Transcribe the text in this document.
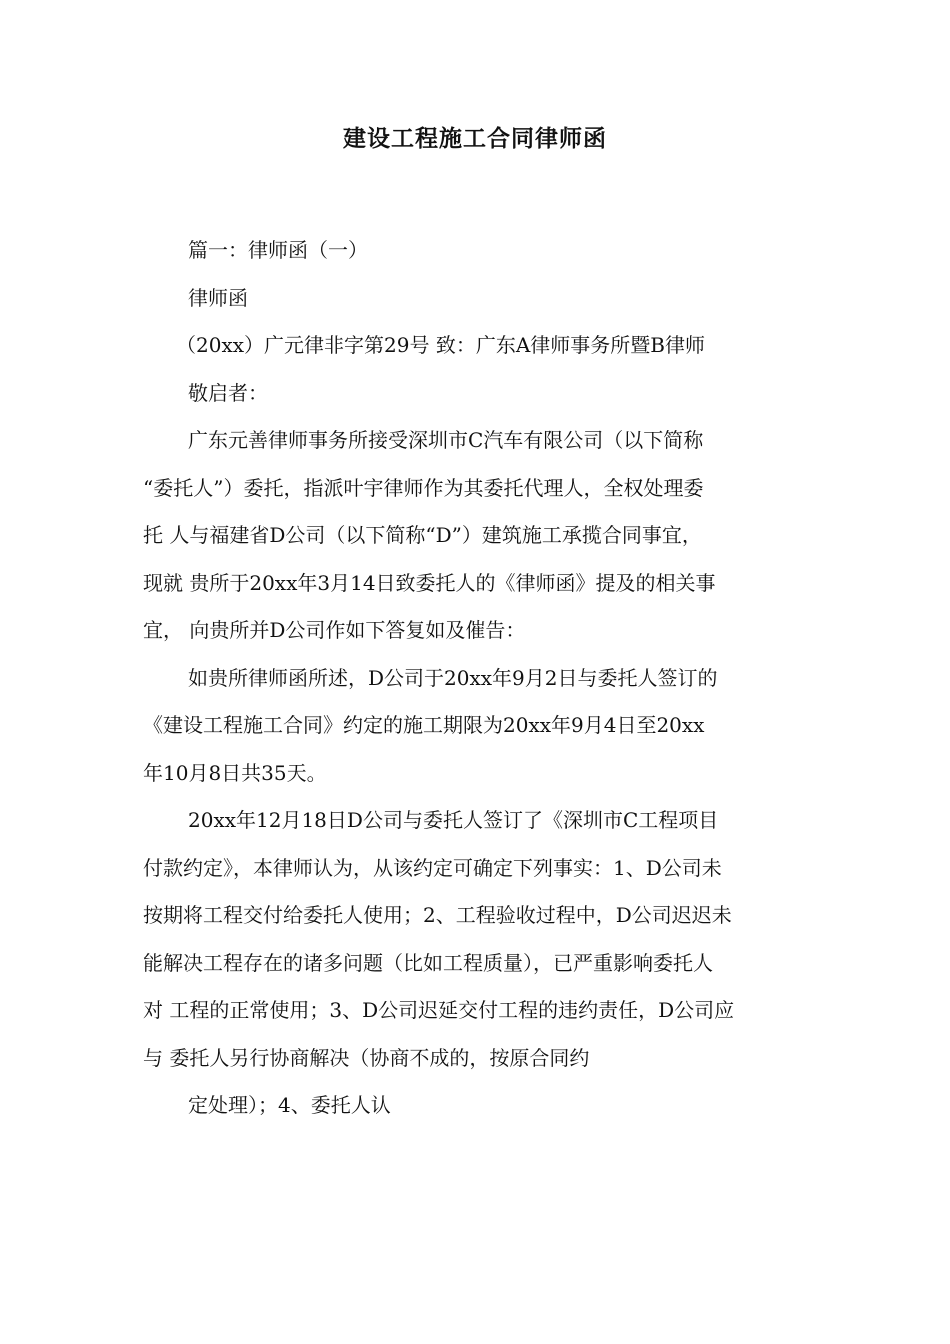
建设工程施工合同律师函
篇一：律师函（一）
律师函
（20xx）广元律非字第29号 致：广东A律师事务所暨B律师
敬启者：
广东元善律师事务所接受深圳市C汽车有限公司（以下简称
“委托人”）委托，指派叶宇律师作为其委托代理人，全权处理委
托 人与福建省D公司（以下简称“D”）建筑施工承揽合同事宜，
现就 贵所于20xx年3月14日致委托人的《律师函》提及的相关事
宜， 向贵所并D公司作如下答复如及催告：
如贵所律师函所述，D公司于20xx年9月2日与委托人签订的
《建设工程施工合同》约定的施工期限为20xx年9月4日至20xx
年10月8日共35天。
20xx年12月18日D公司与委托人签订了《深圳市C工程项目
付款约定》，本律师认为，从该约定可确定下列事实：1、D公司未
按期将工程交付给委托人使用；2、工程验收过程中，D公司迟迟未
能解决工程存在的诸多问题（比如工程质量），已严重影响委托人
对 工程的正常使用；3、D公司迟延交付工程的违约责任，D公司应
与 委托人另行协商解决（协商不成的，按原合同约
定处理）；4、委托人认
